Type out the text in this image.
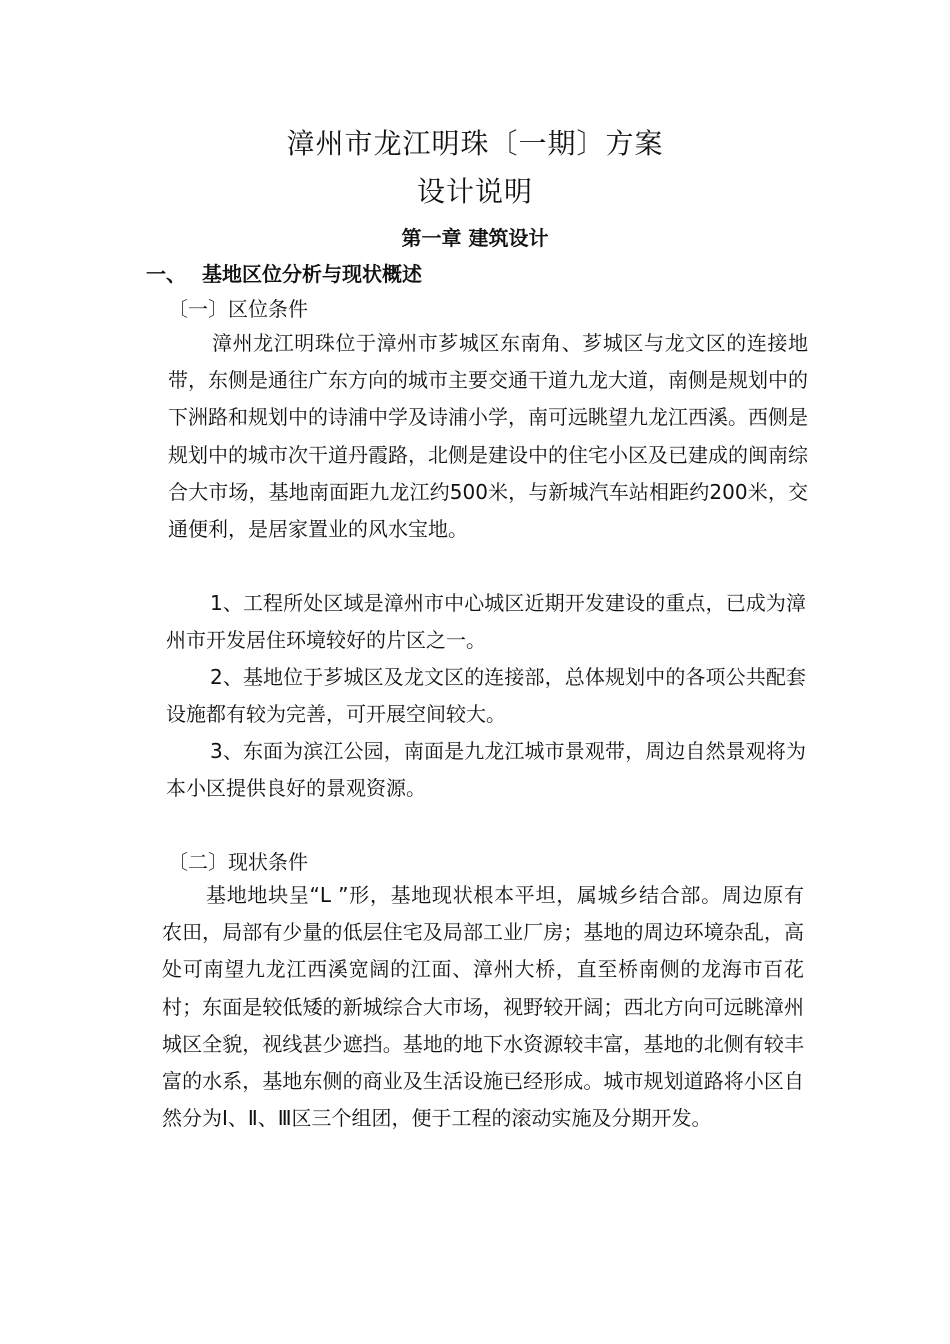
漳州市龙江明珠〔一期〕方案
设计说明
第一章 建筑设计
一、 基地区位分析与现状概述
〔一〕区位条件
漳州龙江明珠位于漳州市芗城区东南角、芗城区与龙文区的连接地带，东侧是通往广东方向的城市主要交通干道九龙大道，南侧是规划中的下洲路和规划中的诗浦中学及诗浦小学，南可远眺望九龙江西溪。西侧是规划中的城市次干道丹霞路，北侧是建设中的住宅小区及已建成的闽南综合大市场，基地南面距九龙江约500米，与新城汽车站相距约200米，交通便利，是居家置业的风水宝地。
1、工程所处区域是漳州市中心城区近期开发建设的重点，已成为漳州市开发居住环境较好的片区之一。
2、基地位于芗城区及龙文区的连接部，总体规划中的各项公共配套设施都有较为完善，可开展空间较大。
3、东面为滨江公园，南面是九龙江城市景观带，周边自然景观将为本小区提供良好的景观资源。
〔二〕现状条件
基地地块呈“L ”形，基地现状根本平坦，属城乡结合部。周边原有农田，局部有少量的低层住宅及局部工业厂房；基地的周边环境杂乱，高处可南望九龙江西溪宽阔的江面、漳州大桥，直至桥南侧的龙海市百花村；东面是较低矮的新城综合大市场，视野较开阔；西北方向可远眺漳州城区全貌，视线甚少遮挡。基地的地下水资源较丰富，基地的北侧有较丰富的水系，基地东侧的商业及生活设施已经形成。城市规划道路将小区自然分为Ⅰ、Ⅱ、Ⅲ区三个组团，便于工程的滚动实施及分期开发。
